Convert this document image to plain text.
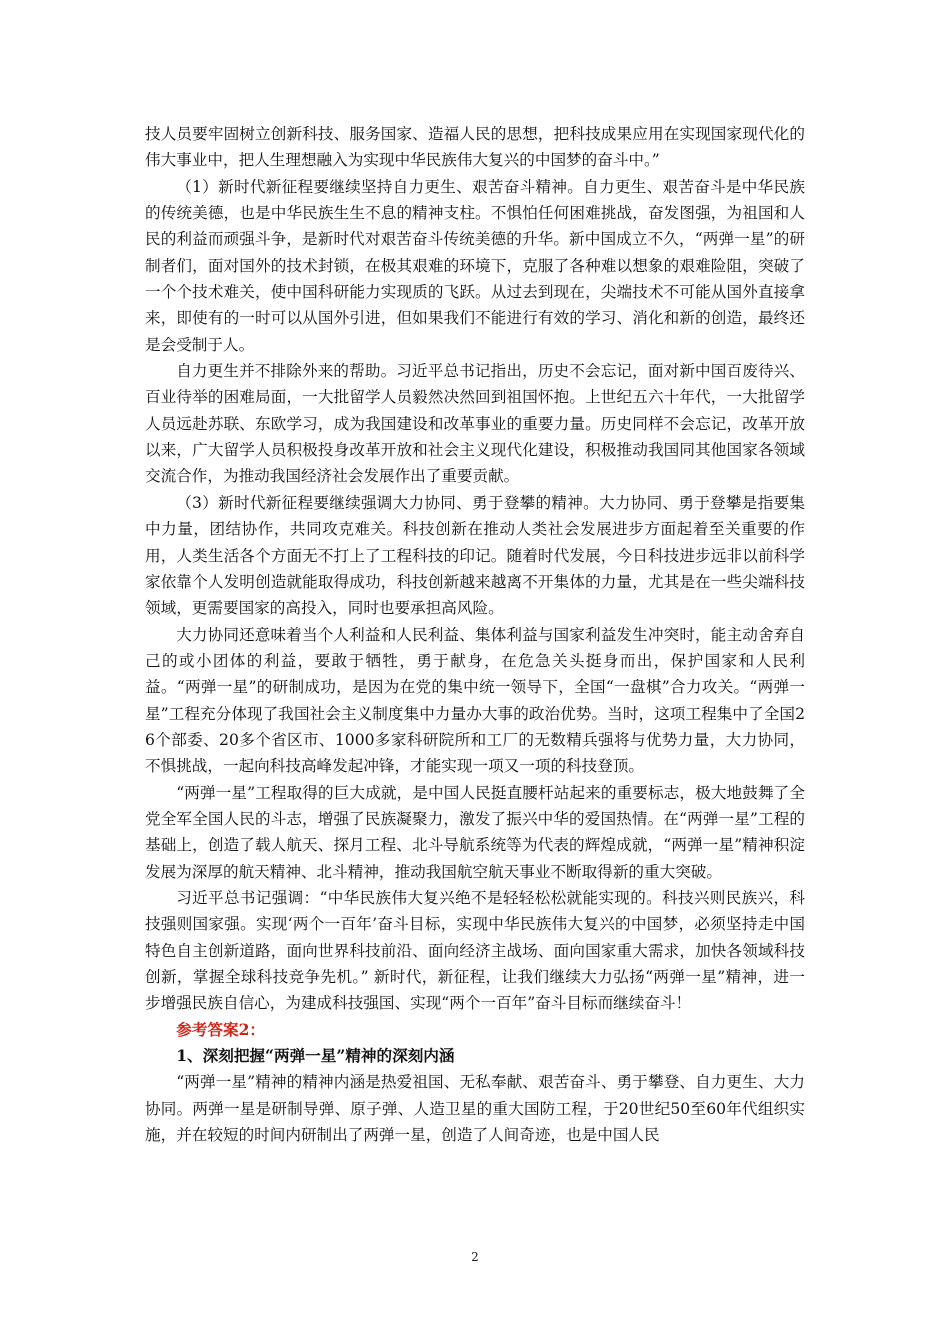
技人员要牢固树立创新科技、服务国家、造福人民的思想，把科技成果应用在实现国家现代化的伟大事业中，把人生理想融入为实现中华民族伟大复兴的中国梦的奋斗中。”

（1）新时代新征程要继续坚持自力更生、艰苦奋斗精神。自力更生、艰苦奋斗是中华民族的传统美德，也是中华民族生生不息的精神支柱。不惧怕任何困难挑战，奋发图强，为祖国和人民的利益而顽强斗争，是新时代对艰苦奋斗传统美德的升华。新中国成立不久，“两弹一星”的研制者们，面对国外的技术封锁，在极其艰难的环境下，克服了各种难以想象的艰难险阻，突破了一个个技术难关，使中国科研能力实现质的飞跃。从过去到现在，尖端技术不可能从国外直接拿来，即使有的一时可以从国外引进，但如果我们不能进行有效的学习、消化和新的创造，最终还是会受制于人。

自力更生并不排除外来的帮助。习近平总书记指出，历史不会忘记，面对新中国百废待兴、百业待举的困难局面，一大批留学人员毅然决然回到祖国怀抱。上世纪五六十年代，一大批留学人员远赴苏联、东欧学习，成为我国建设和改革事业的重要力量。历史同样不会忘记，改革开放以来，广大留学人员积极投身改革开放和社会主义现代化建设，积极推动我国同其他国家各领域交流合作，为推动我国经济社会发展作出了重要贡献。

（3）新时代新征程要继续强调大力协同、勇于登攀的精神。大力协同、勇于登攀是指要集中力量，团结协作，共同攻克难关。科技创新在推动人类社会发展进步方面起着至关重要的作用，人类生活各个方面无不打上了工程科技的印记。随着时代发展，今日科技进步远非以前科学家依靠个人发明创造就能取得成功，科技创新越来越离不开集体的力量，尤其是在一些尖端科技领域，更需要国家的高投入，同时也要承担高风险。

大力协同还意味着当个人利益和人民利益、集体利益与国家利益发生冲突时，能主动舍弃自己的或小团体的利益，要敢于牺牲，勇于献身，在危急关头挺身而出，保护国家和人民利益。“两弹一星”的研制成功，是因为在党的集中统一领导下，全国“一盘棋”合力攻关。“两弹一星”工程充分体现了我国社会主义制度集中力量办大事的政治优势。当时，这项工程集中了全国26个部委、20多个省区市、1000多家科研院所和工厂的无数精兵强将与优势力量，大力协同，不惧挑战，一起向科技高峰发起冲锋，才能实现一项又一项的科技登顶。

“两弹一星”工程取得的巨大成就，是中国人民挺直腰杆站起来的重要标志，极大地鼓舞了全党全军全国人民的斗志，增强了民族凝聚力，激发了振兴中华的爱国热情。在“两弹一星”工程的基础上，创造了载人航天、探月工程、北斗导航系统等为代表的辉煌成就，“两弹一星”精神积淀发展为深厚的航天精神、北斗精神，推动我国航空航天事业不断取得新的重大突破。

习近平总书记强调：“中华民族伟大复兴绝不是轻轻松松就能实现的。科技兴则民族兴，科技强则国家强。实现‘两个一百年’奋斗目标，实现中华民族伟大复兴的中国梦，必须坚持走中国特色自主创新道路，面向世界科技前沿、面向经济主战场、面向国家重大需求，加快各领域科技创新，掌握全球科技竞争先机。” 新时代，新征程，让我们继续大力弘扬“两弹一星”精神，进一步增强民族自信心，为建成科技强国、实现“两个一百年”奋斗目标而继续奋斗！

参考答案2：

1、深刻把握“两弹一星”精神的深刻内涵

“两弹一星”精神的精神内涵是热爱祖国、无私奉献、艰苦奋斗、勇于攀登、自力更生、大力协同。两弹一星是研制导弹、原子弹、人造卫星的重大国防工程，于20世纪50至60年代组织实施，并在较短的时间内研制出了两弹一星，创造了人间奇迹，也是中国人民

2
